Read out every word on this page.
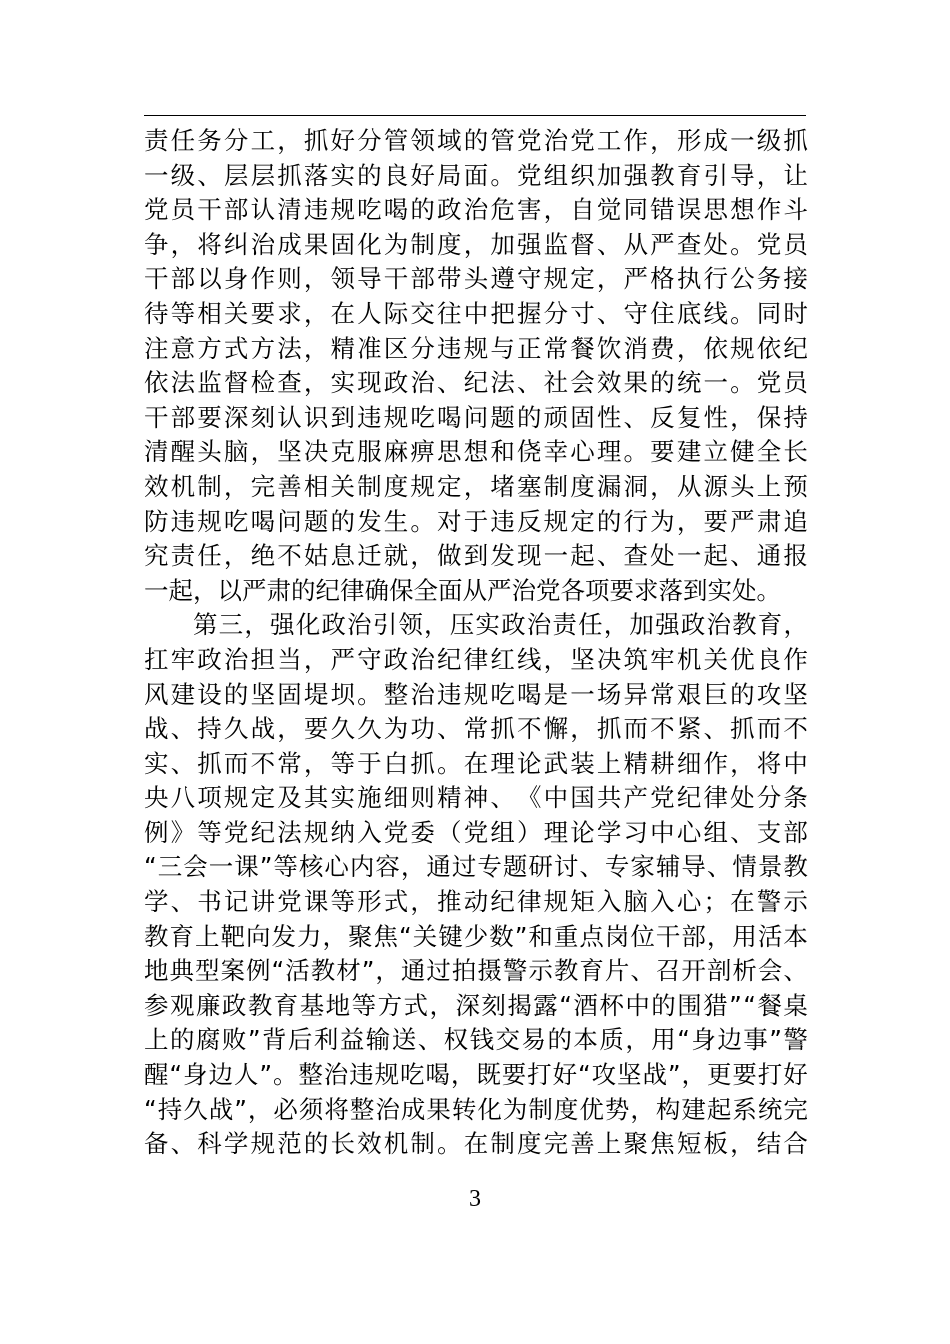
责 任 务 分 工 ， 抓 好 分 管 领 域 的 管 党 治 党 工 作 ， 形 成 一 级 抓
一 级 、 层 层 抓 落 实 的 良 好 局 面 。 党 组 织 加 强 教 育 引 导 ， 让
党 员 干 部 认 清 违 规 吃 喝 的 政 治 危 害 ， 自 觉 同 错 误 思 想 作 斗
争 ， 将 纠 治 成 果 固 化 为 制 度 ， 加 强 监 督 、 从 严 查 处 。 党 员
干 部 以 身 作 则 ， 领 导 干 部 带 头 遵 守 规 定 ， 严 格 执 行 公 务 接
待 等 相 关 要 求 ， 在 人 际 交 往 中 把 握 分 寸 、 守 住 底 线 。 同 时
注 意 方 式 方 法 ， 精 准 区 分 违 规 与 正 常 餐 饮 消 费 ， 依 规 依 纪
依 法 监 督 检 查 ， 实 现 政 治 、 纪 法 、 社 会 效 果 的 统 一 。 党 员
干 部 要 深 刻 认 识 到 违 规 吃 喝 问 题 的 顽 固 性 、 反 复 性 ， 保 持
清 醒 头 脑 ， 坚 决 克 服 麻 痹 思 想 和 侥 幸 心 理 。 要 建 立 健 全 长
效 机 制 ， 完 善 相 关 制 度 规 定 ， 堵 塞 制 度 漏 洞 ， 从 源 头 上 预
防 违 规 吃 喝 问 题 的 发 生 。 对 于 违 反 规 定 的 行 为 ， 要 严 肃 追
究 责 任 ， 绝 不 姑 息 迁 就 ， 做 到 发 现 一 起 、 查 处 一 起 、 通 报
一起，以严肃的纪律确保全面从严治党各项要求落到实处。
第 三 ， 强 化 政 治 引 领 ， 压 实 政 治 责 任 ， 加 强 政 治 教 育 ，
扛 牢 政 治 担 当 ， 严 守 政 治 纪 律 红 线 ， 坚 决 筑 牢 机 关 优 良 作
风 建 设 的 坚 固 堤 坝 。 整 治 违 规 吃 喝 是 一 场 异 常 艰 巨 的 攻 坚
战 、 持 久 战 ， 要 久 久 为 功 、 常 抓 不 懈 ， 抓 而 不 紧 、 抓 而 不
实 、 抓 而 不 常 ， 等 于 白 抓 。 在 理 论 武 装 上 精 耕 细 作 ， 将 中
央 八 项 规 定 及 其 实 施 细 则 精 神 、 《 中 国 共 产 党 纪 律 处 分 条
例 》 等 党 纪 法 规 纳 入 党 委 （ 党 组 ） 理 论 学 习 中 心 组 、 支 部
“ 三 会 一 课 ” 等 核 心 内 容 ， 通 过 专 题 研 讨 、 专 家 辅 导 、 情 景 教
学 、 书 记 讲 党 课 等 形 式 ， 推 动 纪 律 规 矩 入 脑 入 心 ； 在 警 示
教 育 上 靶 向 发 力 ， 聚 焦 “ 关 键 少 数 ” 和 重 点 岗 位 干 部 ， 用 活 本
地 典 型 案 例 “ 活 教 材 ” ， 通 过 拍 摄 警 示 教 育 片 、 召 开 剖 析 会 、
参 观 廉 政 教 育 基 地 等 方 式 ， 深 刻 揭 露 “ 酒 杯 中 的 围 猎 ” “ 餐 桌
上 的 腐 败 ” 背 后 利 益 输 送 、 权 钱 交 易 的 本 质 ， 用 “ 身 边 事 ” 警
醒 “ 身 边 人 ” 。 整 治 违 规 吃 喝 ， 既 要 打 好 “ 攻 坚 战 ” ， 更 要 打 好
“ 持 久 战 ” ， 必 须 将 整 治 成 果 转 化 为 制 度 优 势 ， 构 建 起 系 统 完
备 、 科 学 规 范 的 长 效 机 制 。 在 制 度 完 善 上 聚 焦 短 板 ， 结 合
3
